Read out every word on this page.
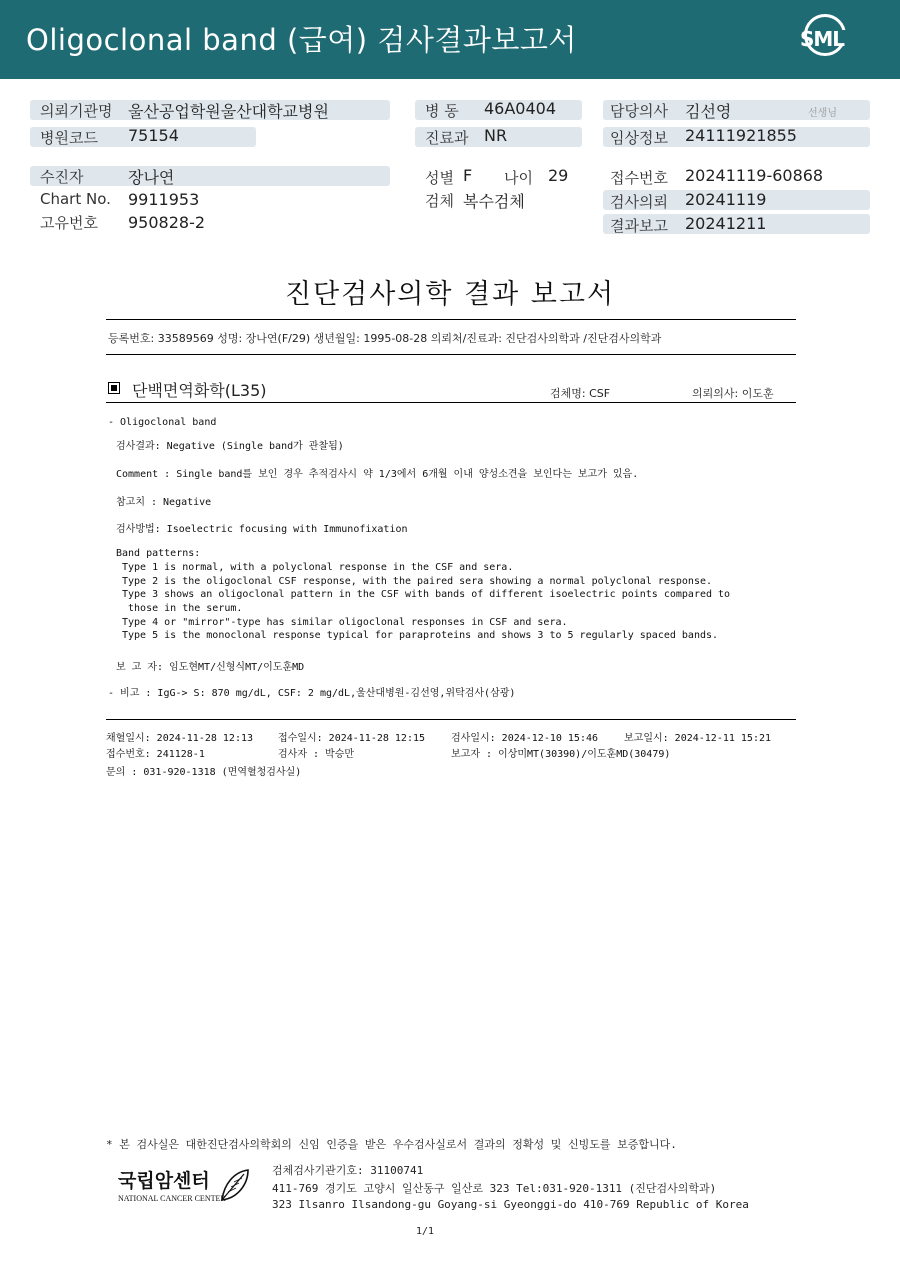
Oligoclonal band (급여) 검사결과보고서	SML
의뢰기관명 울산공업학원울산대학교병원
병원코드 75154
병 동 46A0404
진료과 NR
담당의사 김선영	선생님
임상정보 24111921855
수진자	장나연
Chart No. 9911953
고유번호 950828-2
성별 F 나이 29
검체 복수검체
접수번호 20241119-60868
검사의뢰 20241119
결과보고 20241211
진단검사의학 결과 보고서
등록번호: 33589569 성명: 장나연(F/29) 생년월일: 1995-08-28 의뢰처/진료과: 진단검사의학과 /진단검사의학과
단백면역화학(L35)	검체명: CSF	의뢰의사: 이도훈
- Oligoclonal band
검사결과: Negative (Single band가 관찰됨)
Comment : Single band를 보인 경우 추적검사시 약 1/3에서 6개월 이내 양성소견을 보인다는 보고가 있음.
참고치 : Negative
검사방법: Isoelectric focusing with Immunofixation
Band patterns:
Type 1 is normal, with a polyclonal response in the CSF and sera.
Type 2 is the oligoclonal CSF response, with the paired sera showing a normal polyclonal response.
Type 3 shows an oligoclonal pattern in the CSF with bands of different isoelectric points compared to
those in the serum.
Type 4 or "mirror"-type has similar oligoclonal responses in CSF and sera.
Type 5 is the monoclonal response typical for paraproteins and shows 3 to 5 regularly spaced bands.
보 고 자: 임도현MT/신형식MT/이도훈MD
- 비고 : IgG-> S: 870 mg/dL, CSF: 2 mg/dL,울산대병원-김선영,위탁검사(삼광)
채혈일시: 2024-11-28 12:13 접수일시: 2024-11-28 12:15	검사일시: 2024-12-10 15:46	보고일시: 2024-12-11 15:21
접수번호: 241128-1	검사자 : 박승만	보고자 : 이상미MT(30390)/이도훈MD(30479)
문의 : 031-920-1318 (면역혈청검사실)
* 본 검사실은 대한진단검사의학회의 신임 인증을 받은 우수검사실로서 결과의 정확성 및 신빙도를 보증합니다.
국립암센터
NATIONAL CANCER CENTER
검체검사기관기호: 31100741
411-769 경기도 고양시 일산동구 일산로 323 Tel:031-920-1311 (진단검사의학과)
323 Ilsanro Ilsandong-gu Goyang-si Gyeonggi-do 410-769 Republic of Korea
1/1
